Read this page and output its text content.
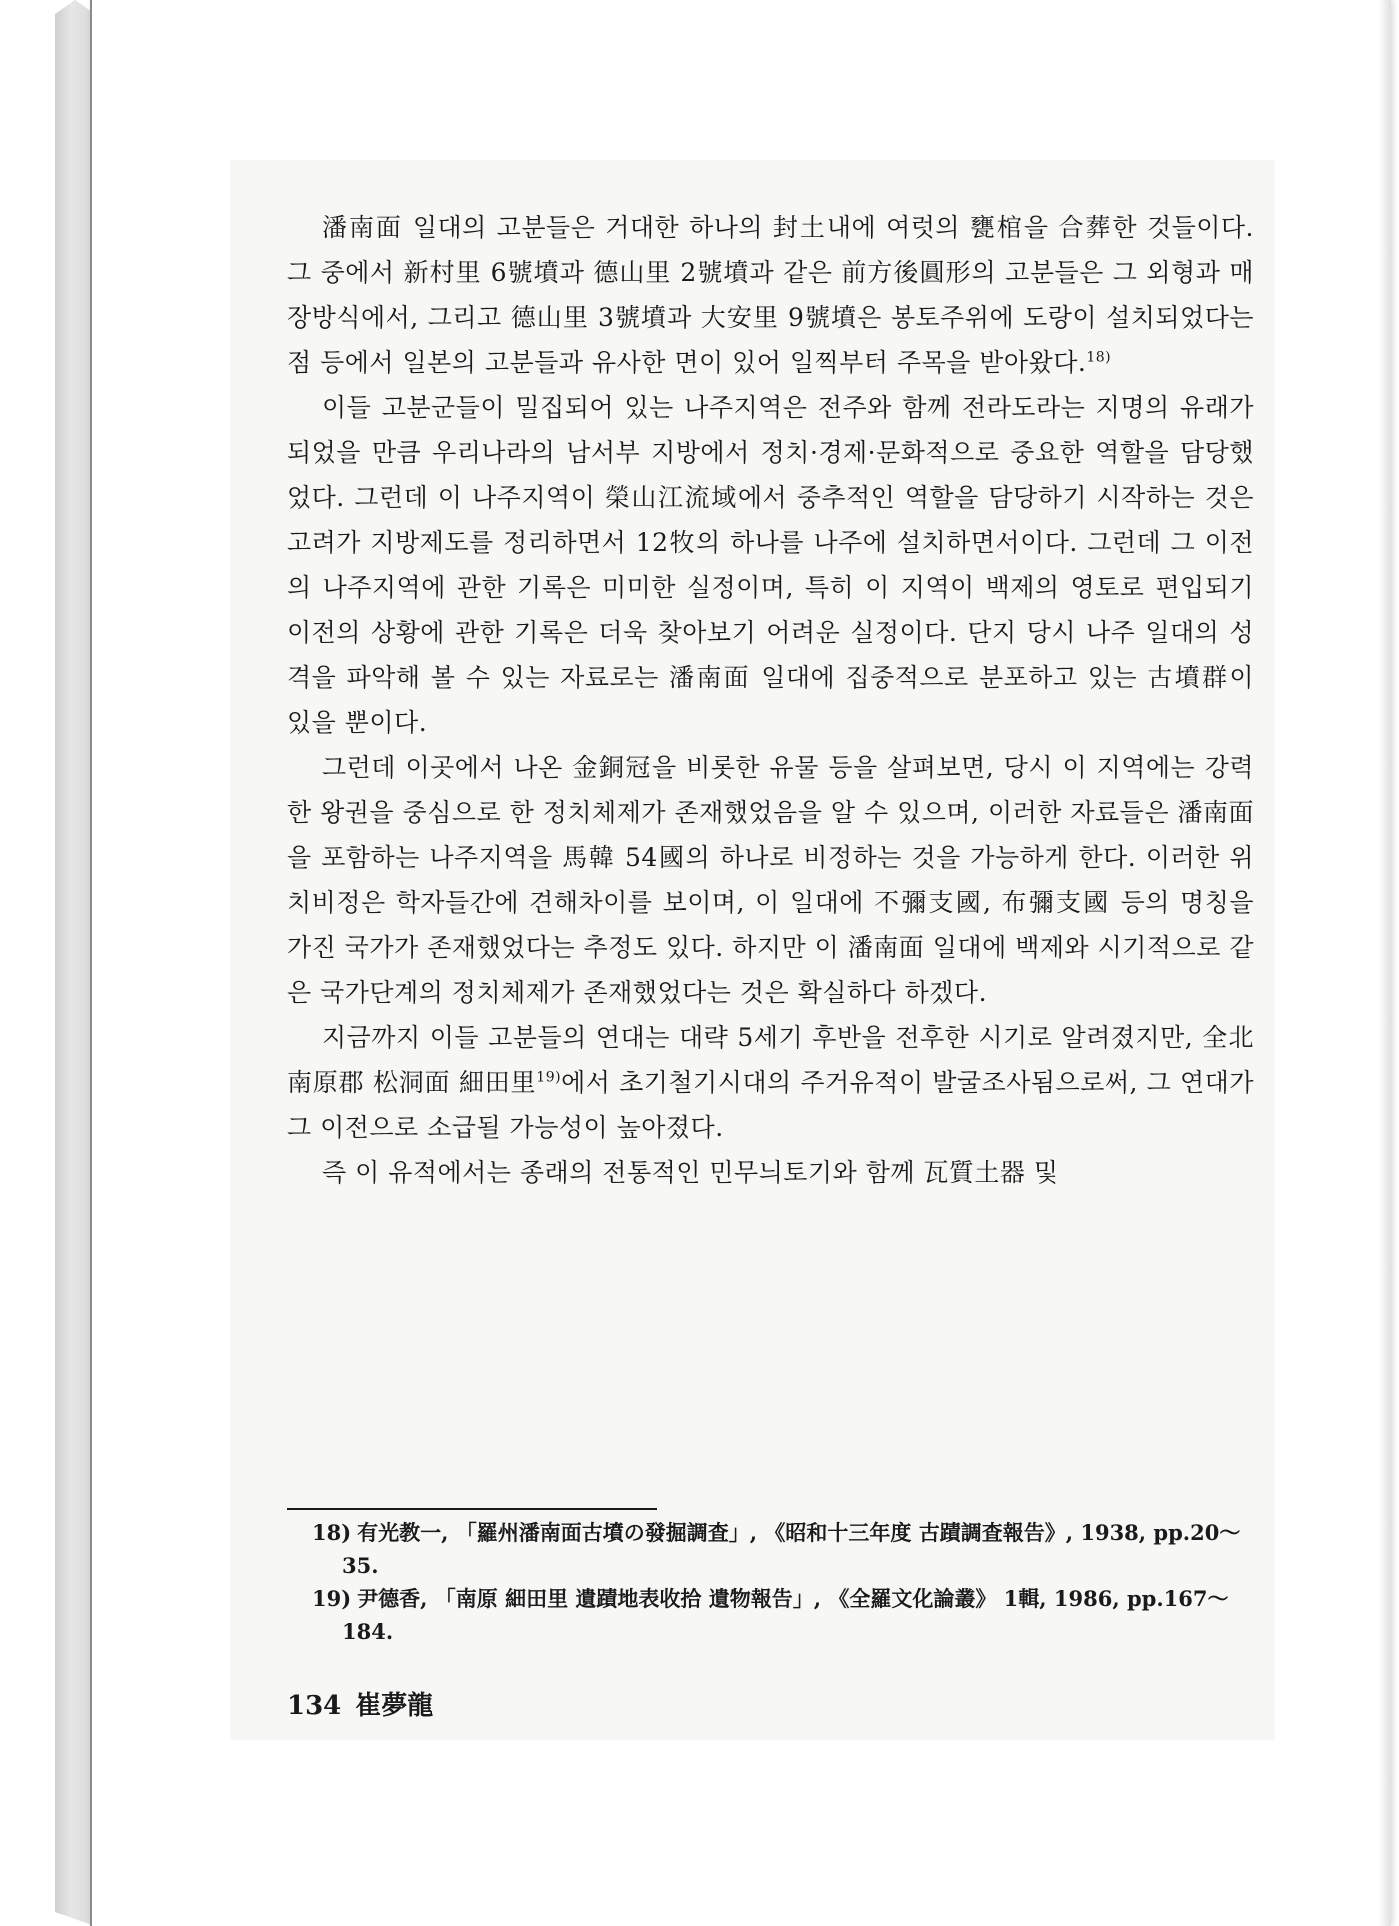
潘南面 일대의 고분들은 거대한 하나의 封土내에 여럿의 甕棺을 合葬한 것들이다. 그 중에서 新村里 6號墳과 德山里 2號墳과 같은 前方後圓形의 고분들은 그 외형과 매장방식에서, 그리고 德山里 3號墳과 大安里 9號墳은 봉토주위에 도랑이 설치되었다는 점 등에서 일본의 고분들과 유사한 면이 있어 일찍부터 주목을 받아왔다.$^{18)}$

이들 고분군들이 밀집되어 있는 나주지역은 전주와 함께 전라도라는 지명의 유래가 되었을 만큼 우리나라의 남서부 지방에서 정치·경제·문화적으로 중요한 역할을 담당했었다. 그런데 이 나주지역이 榮山江流域에서 중추적인 역할을 담당하기 시작하는 것은 고려가 지방제도를 정리하면서 12牧의 하나를 나주에 설치하면서이다. 그런데 그 이전의 나주지역에 관한 기록은 미미한 실정이며, 특히 이 지역이 백제의 영토로 편입되기 이전의 상황에 관한 기록은 더욱 찾아보기 어려운 실정이다. 단지 당시 나주 일대의 성격을 파악해 볼 수 있는 자료로는 潘南面 일대에 집중적으로 분포하고 있는 古墳群이 있을 뿐이다.

그런데 이곳에서 나온 金銅冠을 비롯한 유물 등을 살펴보면, 당시 이 지역에는 강력한 왕권을 중심으로 한 정치체제가 존재했었음을 알 수 있으며, 이러한 자료들은 潘南面을 포함하는 나주지역을 馬韓 54國의 하나로 비정하는 것을 가능하게 한다. 이러한 위치비정은 학자들간에 견해차이를 보이며, 이 일대에 不彌支國, 布彌支國 등의 명칭을 가진 국가가 존재했었다는 추정도 있다. 하지만 이 潘南面 일대에 백제와 시기적으로 같은 국가단계의 정치체제가 존재했었다는 것은 확실하다 하겠다.

지금까지 이들 고분들의 연대는 대략 5세기 후반을 전후한 시기로 알려졌지만, 全北 南原郡 松洞面 細田里$^{19)}$에서 초기철기시대의 주거유적이 발굴조사됨으로써, 그 연대가 그 이전으로 소급될 가능성이 높아졌다.

즉 이 유적에서는 종래의 전통적인 민무늬토기와 함께 瓦質土器 및

18) 有光教一, 「羅州潘南面古墳の發掘調査」, 《昭和十三年度 古蹟調査報告》, 1938, pp.20～35.

19) 尹德香, 「南原 細田里 遺蹟地表收拾 遺物報告」, 《全羅文化論叢》 1輯, 1986, pp.167～184.

134 崔夢龍
